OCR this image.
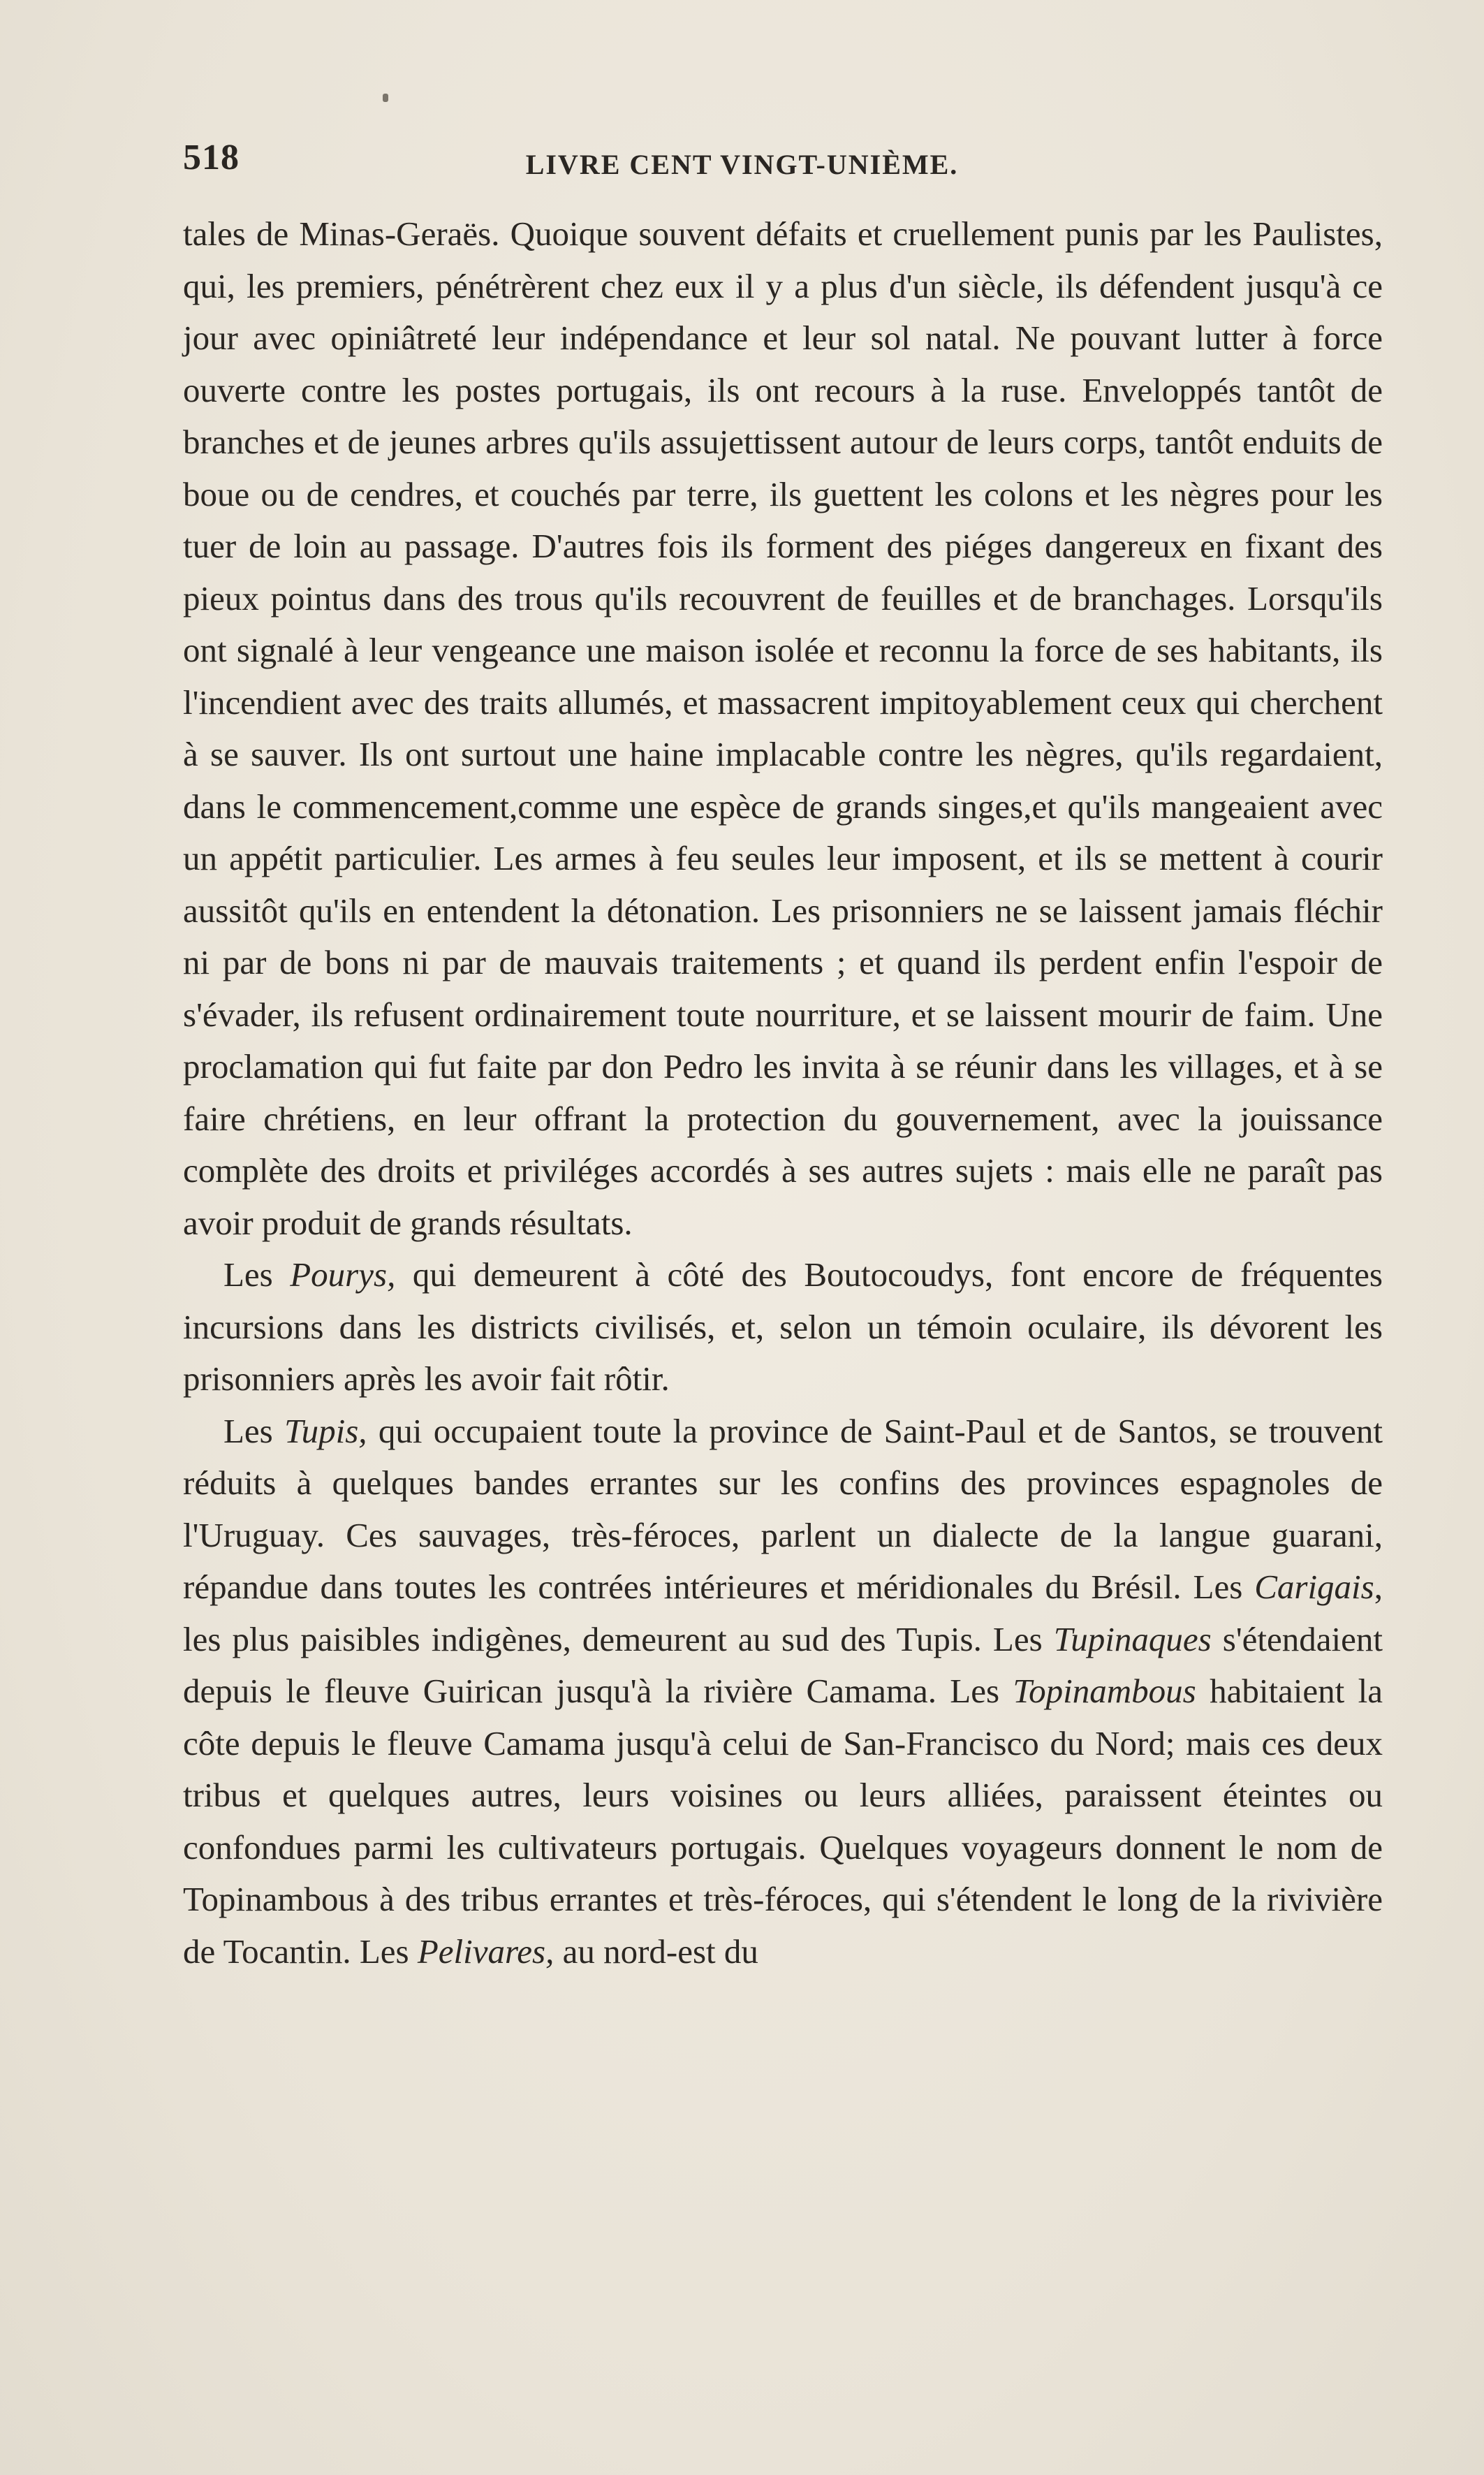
518	LIVRE CENT VINGT-UNIÈME.

tales de Minas-Geraës. Quoique souvent défaits et cruellement punis par les Paulistes, qui, les premiers, pénétrèrent chez eux il y a plus d'un siècle, ils défendent jusqu'à ce jour avec opiniâtreté leur indépendance et leur sol natal. Ne pouvant lutter à force ouverte contre les postes portugais, ils ont recours à la ruse. Enveloppés tantôt de branches et de jeunes arbres qu'ils assujettissent autour de leurs corps, tantôt enduits de boue ou de cendres, et couchés par terre, ils guettent les colons et les nègres pour les tuer de loin au passage. D'autres fois ils forment des piéges dangereux en fixant des pieux pointus dans des trous qu'ils recouvrent de feuilles et de branchages. Lorsqu'ils ont signalé à leur vengeance une maison isolée et reconnu la force de ses habitants, ils l'incendient avec des traits allumés, et massacrent impitoyablement ceux qui cherchent à se sauver. Ils ont surtout une haine implacable contre les nègres, qu'ils regardaient, dans le commencement,comme une espèce de grands singes,et qu'ils mangeaient avec un appétit particulier. Les armes à feu seules leur imposent, et ils se mettent à courir aussitôt qu'ils en entendent la détonation. Les prisonniers ne se laissent jamais fléchir ni par de bons ni par de mauvais traitements ; et quand ils perdent enfin l'espoir de s'évader, ils refusent ordinairement toute nourriture, et se laissent mourir de faim. Une proclamation qui fut faite par don Pedro les invita à se réunir dans les villages, et à se faire chrétiens, en leur offrant la protection du gouvernement, avec la jouissance complète des droits et priviléges accordés à ses autres sujets : mais elle ne paraît pas avoir produit de grands résultats.

Les Pourys, qui demeurent à côté des Boutocoudys, font encore de fréquentes incursions dans les districts civilisés, et, selon un témoin oculaire, ils dévorent les prisonniers après les avoir fait rôtir.

Les Tupis, qui occupaient toute la province de Saint-Paul et de Santos, se trouvent réduits à quelques bandes errantes sur les confins des provinces espagnoles de l'Uruguay. Ces sauvages, très-féroces, parlent un dialecte de la langue guarani, répandue dans toutes les contrées intérieures et méridionales du Brésil. Les Carigais, les plus paisibles indigènes, demeurent au sud des Tupis. Les Tupinaques s'étendaient depuis le fleuve Guirican jusqu'à la rivière Camama. Les Topinambous habitaient la côte depuis le fleuve Camama jusqu'à celui de San-Francisco du Nord; mais ces deux tribus et quelques autres, leurs voisines ou leurs alliées, paraissent éteintes ou confondues parmi les cultivateurs portugais. Quelques voyageurs donnent le nom de Topinambous à des tribus errantes et très-féroces, qui s'étendent le long de la rivivière de Tocantin. Les Pelivares, au nord-est du
